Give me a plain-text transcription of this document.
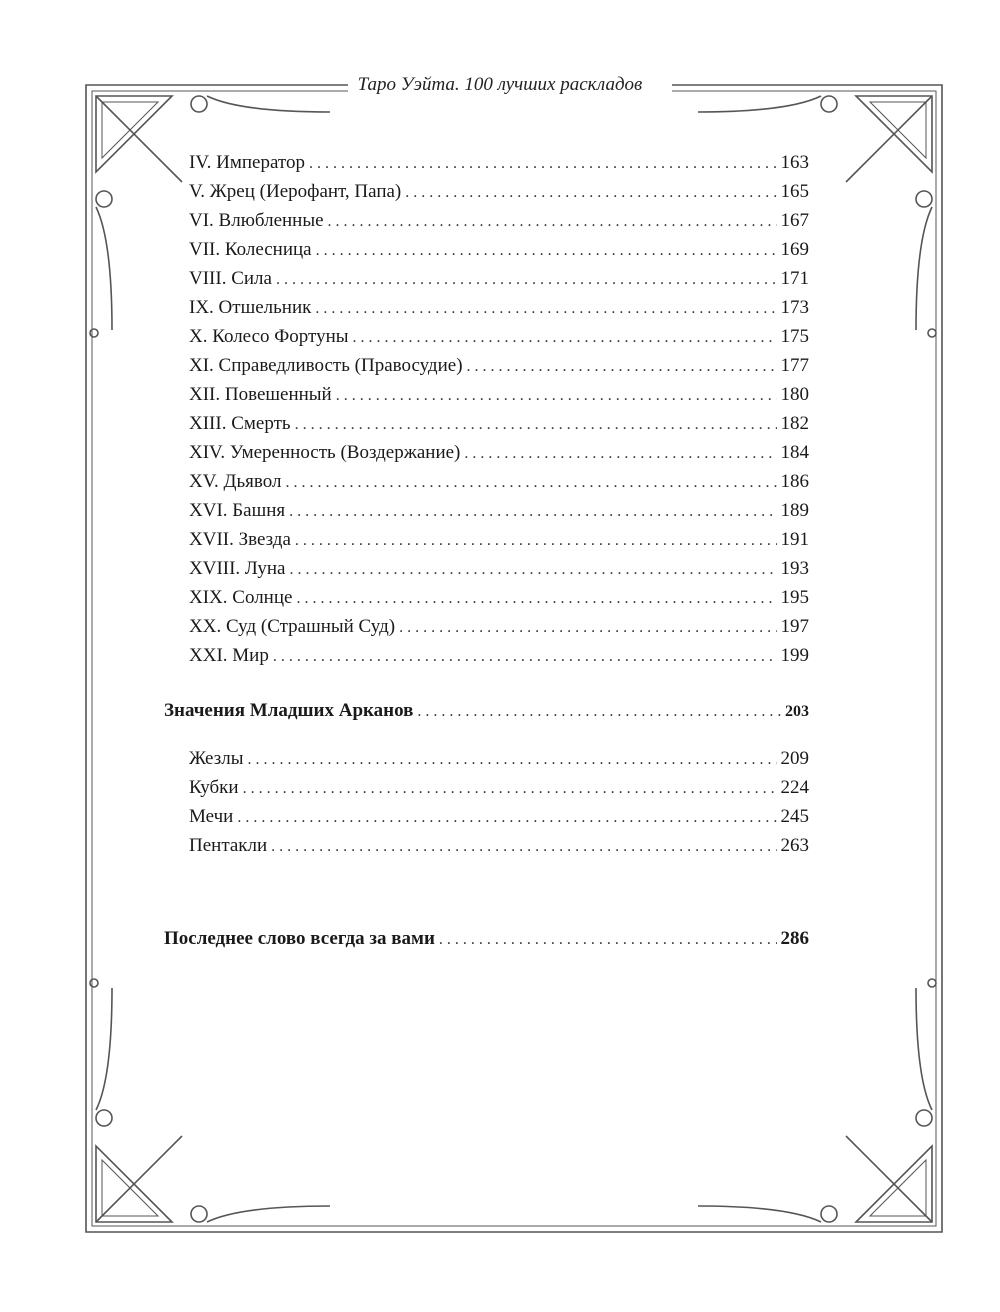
Таро Уэйта. 100 лучших раскладов
IV. Император . . .	163
V. Жрец (Иерофант, Папа) . . .	165
VI. Влюбленные . . .	167
VII. Колесница . . .	169
VIII. Сила . . .	171
IX. Отшельник . . .	173
X. Колесо Фортуны . . .	175
XI. Справедливость (Правосудие) . . .	177
XII. Повешенный . . .	180
XIII. Смерть . . .	182
XIV. Умеренность (Воздержание) . . .	184
XV. Дьявол . . .	186
XVI. Башня . . .	189
XVII. Звезда . . .	191
XVIII. Луна . . .	193
XIX. Солнце . . .	195
XX. Суд (Страшный Суд) . . .	197
XXI. Мир . . .	199
Значения Младших Арканов . . .	203
Жезлы . . .	209
Кубки . . .	224
Мечи . . .	245
Пентакли . . .	263
Последнее слово всегда за вами . . .	286
